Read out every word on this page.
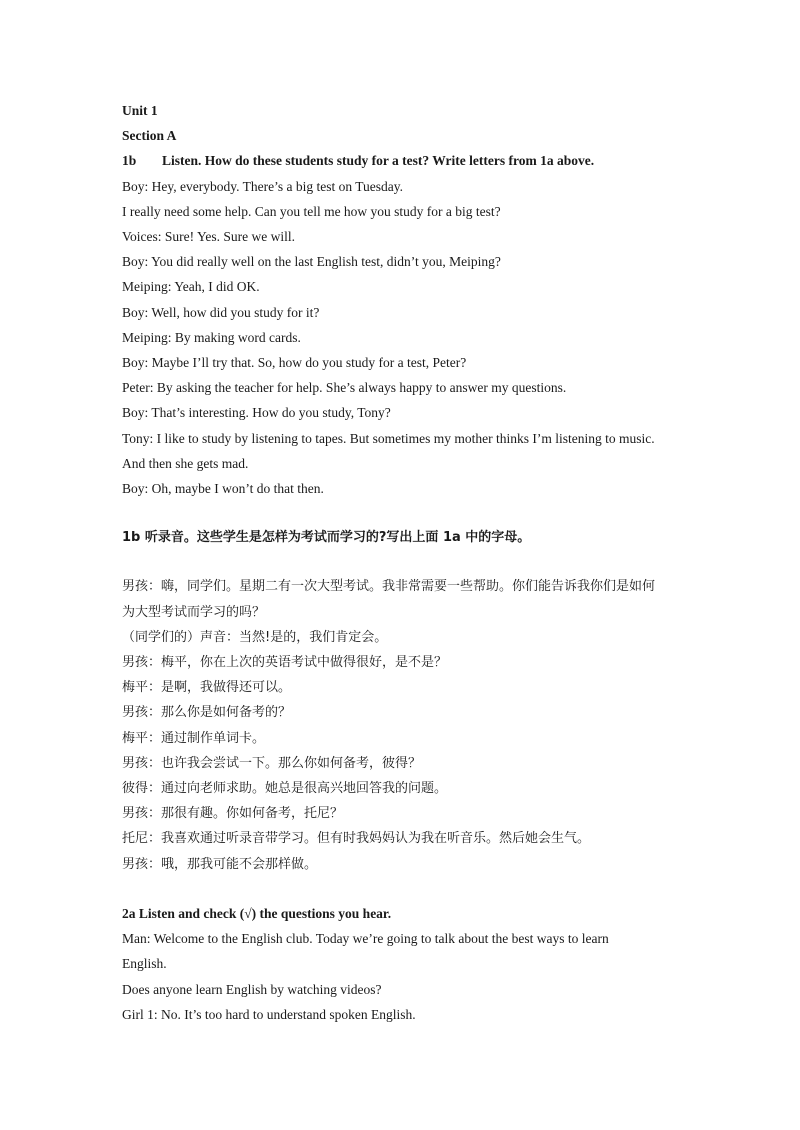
Unit 1
Section A
1b Listen. How do these students study for a test? Write letters from 1a above.
Boy: Hey, everybody. There’s a big test on Tuesday.
I really need some help. Can you tell me how you study for a big test?
Voices: Sure! Yes. Sure we will.
Boy: You did really well on the last English test, didn’t you, Meiping?
Meiping: Yeah, I did OK.
Boy: Well, how did you study for it?
Meiping: By making word cards.
Boy: Maybe I’ll try that. So, how do you study for a test, Peter?
Peter: By asking the teacher for help. She’s always happy to answer my questions.
Boy: That’s interesting. How do you study, Tony?
Tony: I like to study by listening to tapes. But sometimes my mother thinks I’m listening to music.
And then she gets mad.
Boy: Oh, maybe I won’t do that then.
1b 听录音。这些学生是怎样为考试而学习的?写出上面 1a 中的字母。
男孩：嗨，同学们。星期二有一次大型考试。我非常需要一些帮助。你们能告诉我你们是如何
为大型考试而学习的吗？
（同学们的）声音：当然!是的，我们肯定会。
男孩：梅平，你在上次的英语考试中做得很好，是不是？
梅平：是啊，我做得还可以。
男孩：那么你是如何备考的？
梅平：通过制作单词卡。
男孩：也许我会尝试一下。那么你如何备考，彼得？
彼得：通过向老师求助。她总是很高兴地回答我的问题。
男孩：那很有趣。你如何备考，托尼？
托尼：我喜欢通过听录音带学习。但有时我妈妈认为我在听音乐。然后她会生气。
男孩：哦，那我可能不会那样做。
2a Listen and check (√) the questions you hear.
Man: Welcome to the English club. Today we’re going to talk about the best ways to learn
English.
Does anyone learn English by watching videos?
Girl 1: No. It’s too hard to understand spoken English.
